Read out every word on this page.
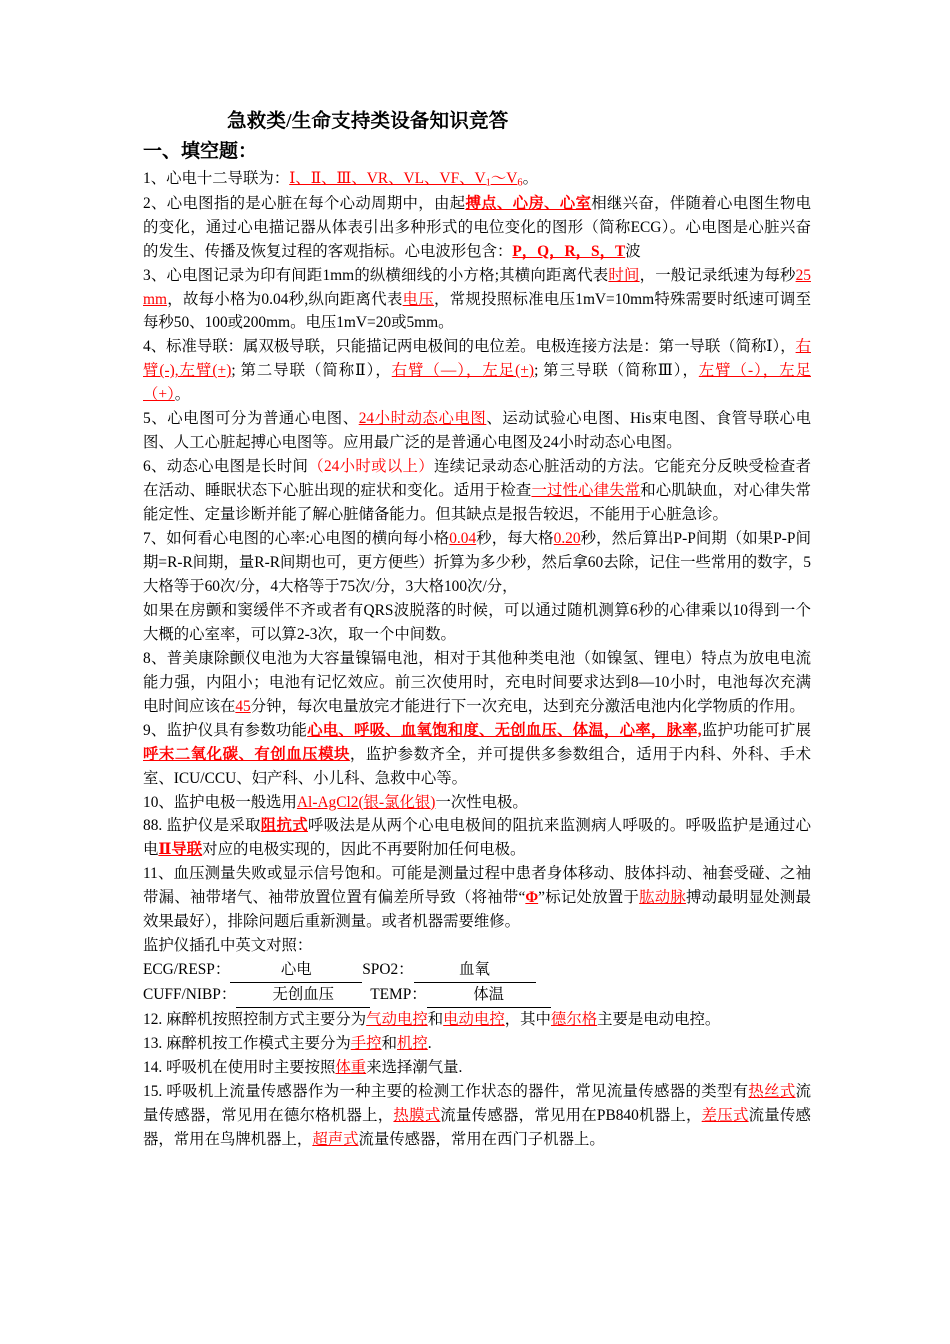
急救类/生命支持类设备知识竞答
一、填空题：

1、心电十二导联为：Ⅰ、Ⅱ、Ⅲ、VR、VL、VF、$V_1\sim V_6$。

2、心电图指的是心脏在每个心动周期中，由起搏点、心房、心室相继兴奋，伴随着心电图生物电的变化，通过心电描记器从体表引出多种形式的电位变化的图形（简称ECG）。心电图是心脏兴奋的发生、传播及恢复过程的客观指标。心电波形包含：P，Q，R，S，T波

3、心电图记录为印有间距1mm的纵横细线的小方格;其横向距离代表时间，一般记录纸速为每秒25mm，故每小格为0.04秒,纵向距离代表电压，常规投照标准电压1mV=10mm特殊需要时纸速可调至每秒50、100或200mm。电压1mV=20或5mm。

4、标准导联：属双极导联，只能描记两电极间的电位差。电极连接方法是：第一导联（简称Ⅰ），右臂(-),左臂(+); 第二导联（简称Ⅱ），右臂（—），左足(+); 第三导联（简称Ⅲ），左臂（-），左足（+）。

5、心电图可分为普通心电图、24小时动态心电图、运动试验心电图、His束电图、食管导联心电图、人工心脏起搏心电图等。应用最广泛的是普通心电图及24小时动态心电图。

6、动态心电图是长时间（24小时或以上）连续记录动态心脏活动的方法。它能充分反映受检查者在活动、睡眠状态下心脏出现的症状和变化。适用于检查一过性心律失常和心肌缺血，对心律失常能定性、定量诊断并能了解心脏储备能力。但其缺点是报告较迟，不能用于心脏急诊。

7、如何看心电图的心率:心电图的横向每小格0.04秒，每大格0.20秒，然后算出P-P间期（如果P-P间期=R-R间期，量R-R间期也可，更方便些）折算为多少秒，然后拿60去除，记住一些常用的数字，5大格等于60次/分，4大格等于75次/分，3大格100次/分，

如果在房颤和窦缓伴不齐或者有QRS波脱落的时候，可以通过随机测算6秒的心律乘以10得到一个大概的心室率，可以算2-3次，取一个中间数。

8、普美康除颤仪电池为大容量镍镉电池，相对于其他种类电池（如镍氢、锂电）特点为放电电流能力强，内阻小；电池有记忆效应。前三次使用时，充电时间要求达到8—10小时，电池每次充满电时间应该在45分钟，每次电量放完才能进行下一次充电，达到充分激活电池内化学物质的作用。

9、监护仪具有参数功能心电、呼吸、血氧饱和度、无创血压、体温，心率，脉率,监护功能可扩展呼末二氧化碳、有创血压模块，监护参数齐全，并可提供多参数组合，适用于内科、外科、手术室、ICU/CCU、妇产科、小儿科、急救中心等。

10、监护电极一般选用Al-AgCl2(银-氯化银)一次性电极。

88. 监护仪是采取阻抗式呼吸法是从两个心电电极间的阻抗来监测病人呼吸的。呼吸监护是通过心电Ⅱ导联对应的电极实现的，因此不再要附加任何电极。

11、血压测量失败或显示信号饱和。可能是测量过程中患者身体移动、肢体抖动、袖套受碰、之袖带漏、袖带堵气、袖带放置位置有偏差所导致（将袖带“Φ”标记处放置于肱动脉搏动最明显处测最效果最好），排除问题后重新测量。或者机器需要维修。

监护仪插孔中英文对照：

ECG/RESP：	心电	SPO2：	血氧

CUFF/NIBP： 无创血压 TEMP：	体温

12. 麻醉机按照控制方式主要分为气动电控和电动电控，其中德尔格主要是电动电控。

13. 麻醉机按工作模式主要分为手控和机控.

14. 呼吸机在使用时主要按照体重来选择潮气量.

15. 呼吸机上流量传感器作为一种主要的检测工作状态的器件，常见流量传感器的类型有热丝式流量传感器，常见用在德尔格机器上，热膜式流量传感器，常见用在PB840机器上，差压式流量传感器，常用在鸟牌机器上，超声式流量传感器，常用在西门子机器上。
